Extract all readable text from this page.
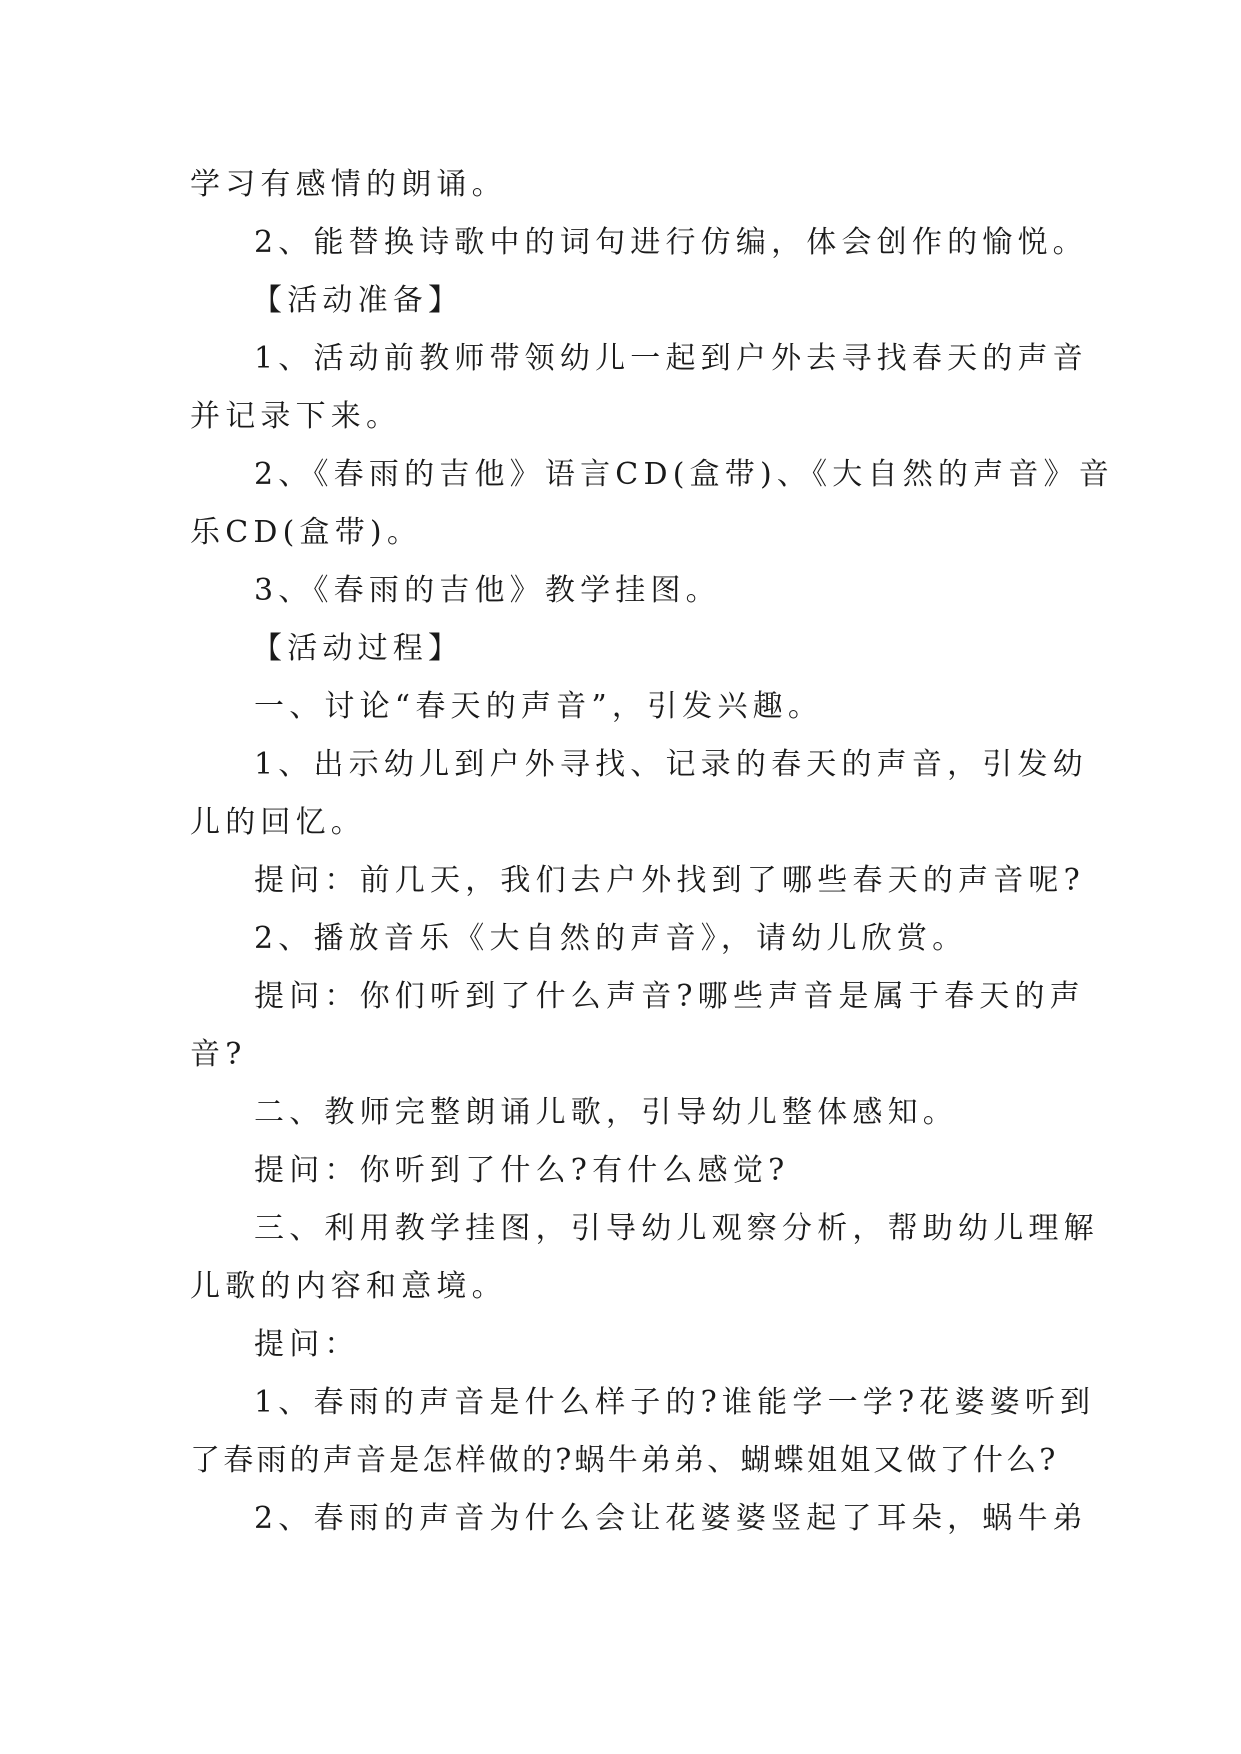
学习有感情的朗诵。

2、能替换诗歌中的词句进行仿编，体会创作的愉悦。

【活动准备】

1、活动前教师带领幼儿一起到户外去寻找春天的声音

并记录下来。

2、《春雨的吉他》语言CD(盒带)、《大自然的声音》音

乐CD(盒带)。

3、《春雨的吉他》教学挂图。

【活动过程】

一、讨论“春天的声音”，引发兴趣。

1、出示幼儿到户外寻找、记录的春天的声音，引发幼

儿的回忆。

提问：前几天，我们去户外找到了哪些春天的声音呢?

2、播放音乐《大自然的声音》，请幼儿欣赏。

提问：你们听到了什么声音?哪些声音是属于春天的声

音?

二、教师完整朗诵儿歌，引导幼儿整体感知。

提问：你听到了什么?有什么感觉?

三、利用教学挂图，引导幼儿观察分析，帮助幼儿理解

儿歌的内容和意境。

提问：

1、春雨的声音是什么样子的?谁能学一学?花婆婆听到

了春雨的声音是怎样做的?蜗牛弟弟、蝴蝶姐姐又做了什么?

2、春雨的声音为什么会让花婆婆竖起了耳朵，蜗牛弟
